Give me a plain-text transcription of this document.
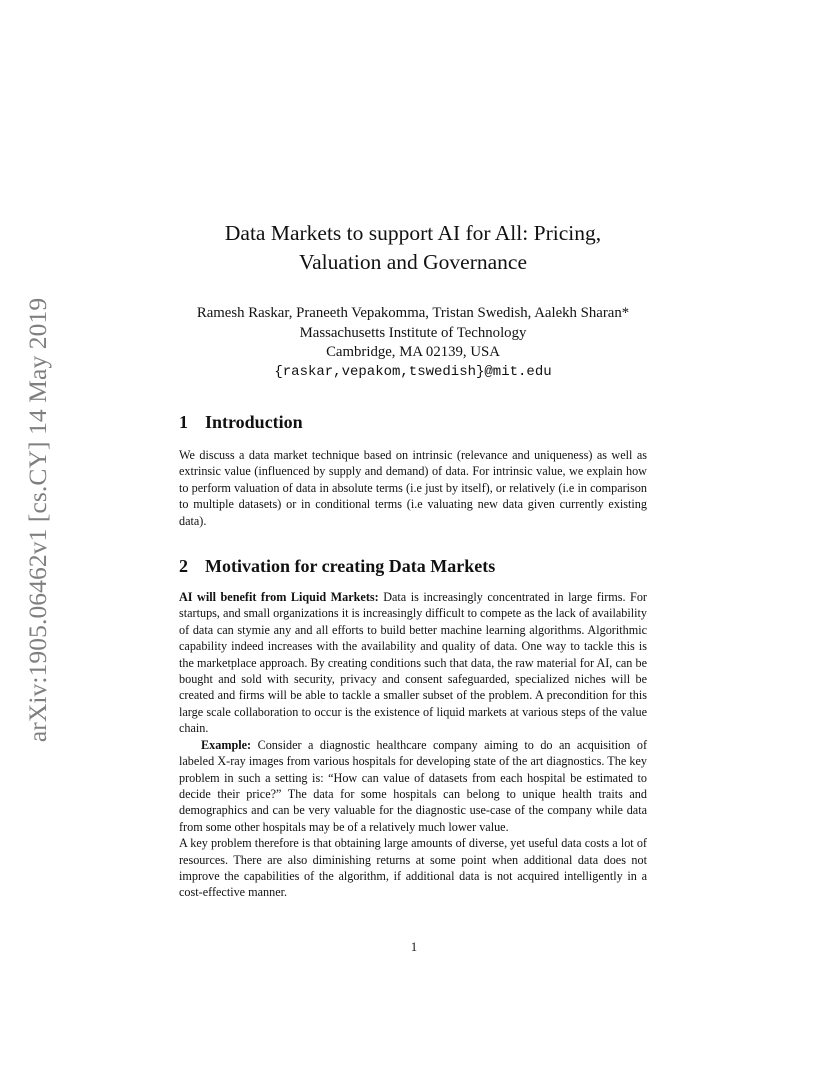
arXiv:1905.06462v1 [cs.CY] 14 May 2019
Data Markets to support AI for All: Pricing,
Valuation and Governance
Ramesh Raskar, Praneeth Vepakomma, Tristan Swedish, Aalekh Sharan*
Massachusetts Institute of Technology
Cambridge, MA 02139, USA
{raskar,vepakom,tswedish}@mit.edu
1 Introduction

We discuss a data market technique based on intrinsic (relevance and uniqueness) as well as extrinsic value (influenced by supply and demand) of data. For intrinsic value, we explain how to perform valuation of data in absolute terms (i.e just by itself), or relatively (i.e in comparison to multiple datasets) or in conditional terms (i.e valuating new data given currently existing data).

2 Motivation for creating Data Markets

AI will benefit from Liquid Markets: Data is increasingly concentrated in large firms. For startups, and small organizations it is increasingly difficult to compete as the lack of availability of data can stymie any and all efforts to build better machine learning algorithms. Algorithmic capability indeed increases with the availability and quality of data. One way to tackle this is the marketplace approach. By creating conditions such that data, the raw material for AI, can be bought and sold with security, privacy and consent safeguarded, specialized niches will be created and firms will be able to tackle a smaller subset of the problem. A precondition for this large scale collaboration to occur is the existence of liquid markets at various steps of the value chain.

Example: Consider a diagnostic healthcare company aiming to do an acquisition of labeled X-ray images from various hospitals for developing state of the art diagnostics. The key problem in such a setting is: “How can value of datasets from each hospital be estimated to decide their price?” The data for some hospitals can belong to unique health traits and demographics and can be very valuable for the diagnostic use-case of the company while data from some other hospitals may be of a relatively much lower value.

A key problem therefore is that obtaining large amounts of diverse, yet useful data costs a lot of resources. There are also diminishing returns at some point when additional data does not improve the capabilities of the algorithm, if additional data is not acquired intelligently in a cost-effective manner.

1
